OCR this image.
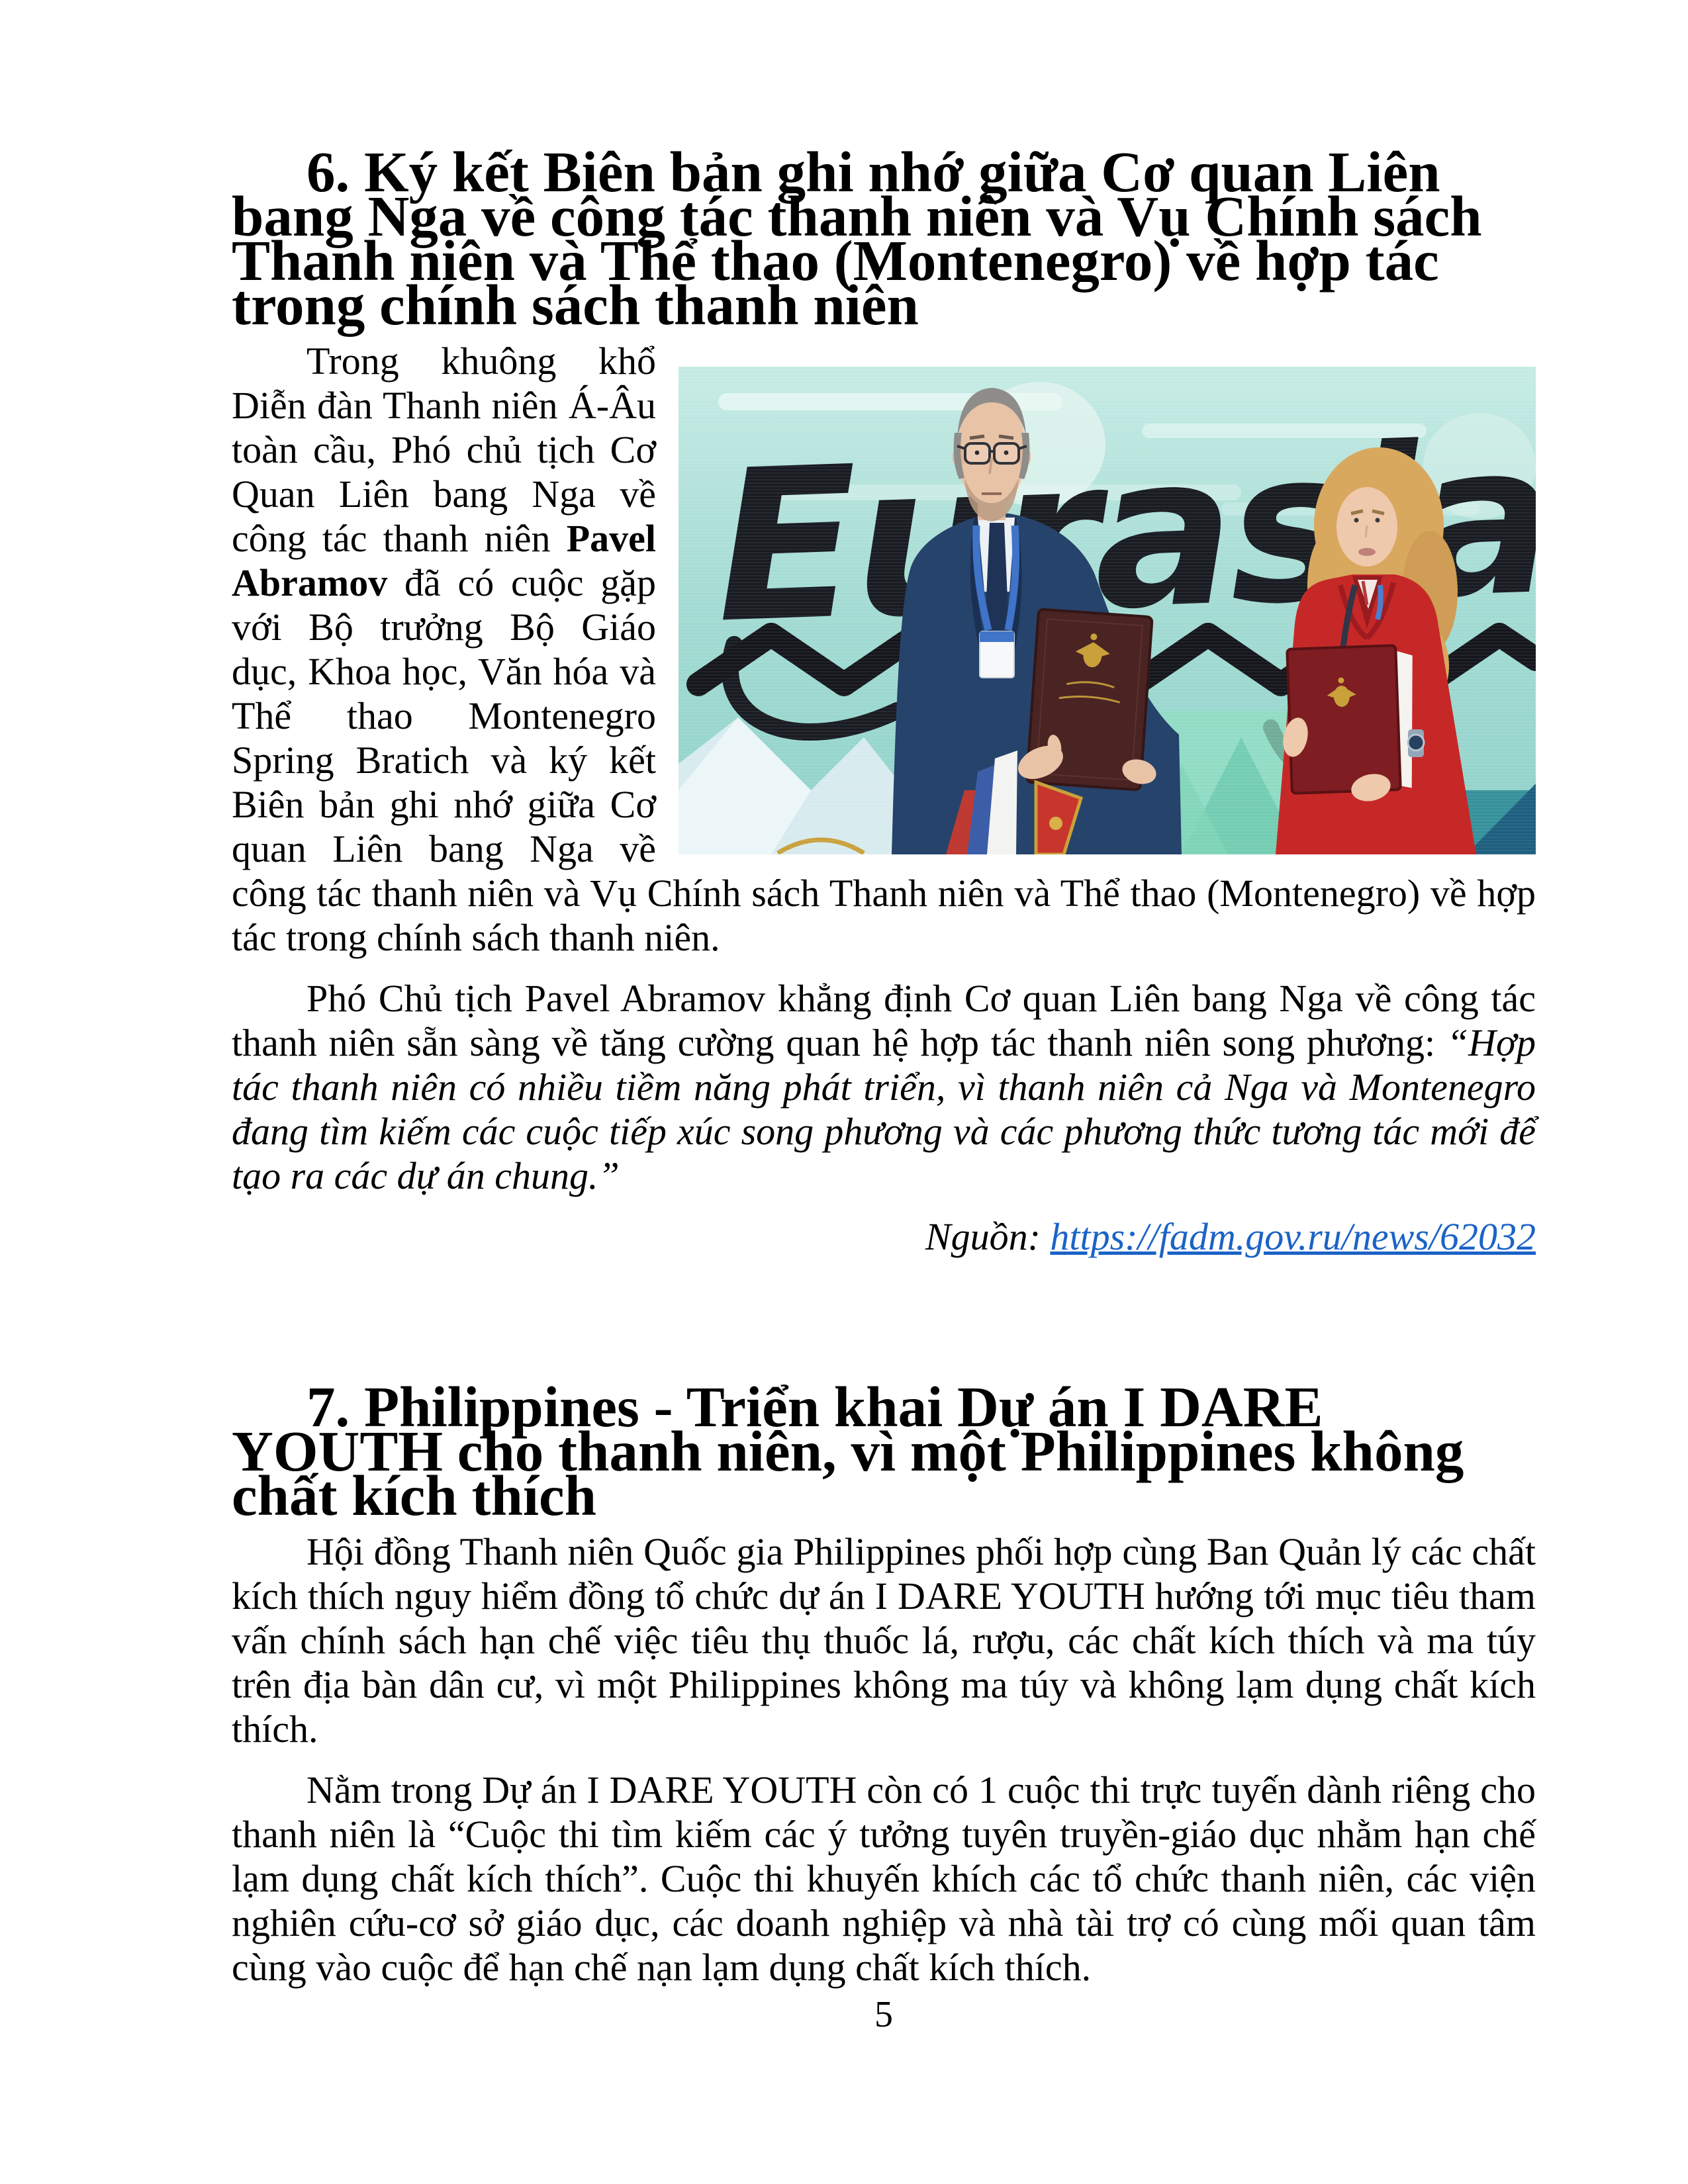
6. Ký kết Biên bản ghi nhớ giữa Cơ quan Liên bang Nga về công tác thanh niên và Vụ Chính sách Thanh niên và Thể thao (Montenegro) về hợp tác trong chính sách thanh niên

Trong khuông khổ Diễn đàn Thanh niên Á-Âu toàn cầu, Phó chủ tịch Cơ Quan Liên bang Nga về công tác thanh niên Pavel Abramov đã có cuộc gặp với Bộ trưởng Bộ Giáo dục, Khoa học, Văn hóa và Thể thao Montenegro Spring Bratich và ký kết Biên bản ghi nhớ giữa Cơ quan Liên bang Nga về công tác thanh niên và Vụ Chính sách Thanh niên và Thể thao (Montenegro) về hợp tác trong chính sách thanh niên.

Phó Chủ tịch Pavel Abramov khẳng định Cơ quan Liên bang Nga về công tác thanh niên sẵn sàng về tăng cường quan hệ hợp tác thanh niên song phương: “Hợp tác thanh niên có nhiều tiềm năng phát triển, vì thanh niên cả Nga và Montenegro đang tìm kiếm các cuộc tiếp xúc song phương và các phương thức tương tác mới để tạo ra các dự án chung.”

Nguồn: https://fadm.gov.ru/news/62032

7. Philippines - Triển khai Dự án I DARE YOUTH cho thanh niên, vì một Philippines không chất kích thích

Hội đồng Thanh niên Quốc gia Philippines phối hợp cùng Ban Quản lý các chất kích thích nguy hiểm đồng tổ chức dự án I DARE YOUTH hướng tới mục tiêu tham vấn chính sách hạn chế việc tiêu thụ thuốc lá, rượu, các chất kích thích và ma túy trên địa bàn dân cư, vì một Philippines không ma túy và không lạm dụng chất kích thích.

Nằm trong Dự án I DARE YOUTH còn có 1 cuộc thi trực tuyến dành riêng cho thanh niên là “Cuộc thi tìm kiếm các ý tưởng tuyên truyền-giáo dục nhằm hạn chế lạm dụng chất kích thích”. Cuộc thi khuyến khích các tổ chức thanh niên, các viện nghiên cứu-cơ sở giáo dục, các doanh nghiệp và nhà tài trợ có cùng mối quan tâm cùng vào cuộc để hạn chế nạn lạm dụng chất kích thích.

5
